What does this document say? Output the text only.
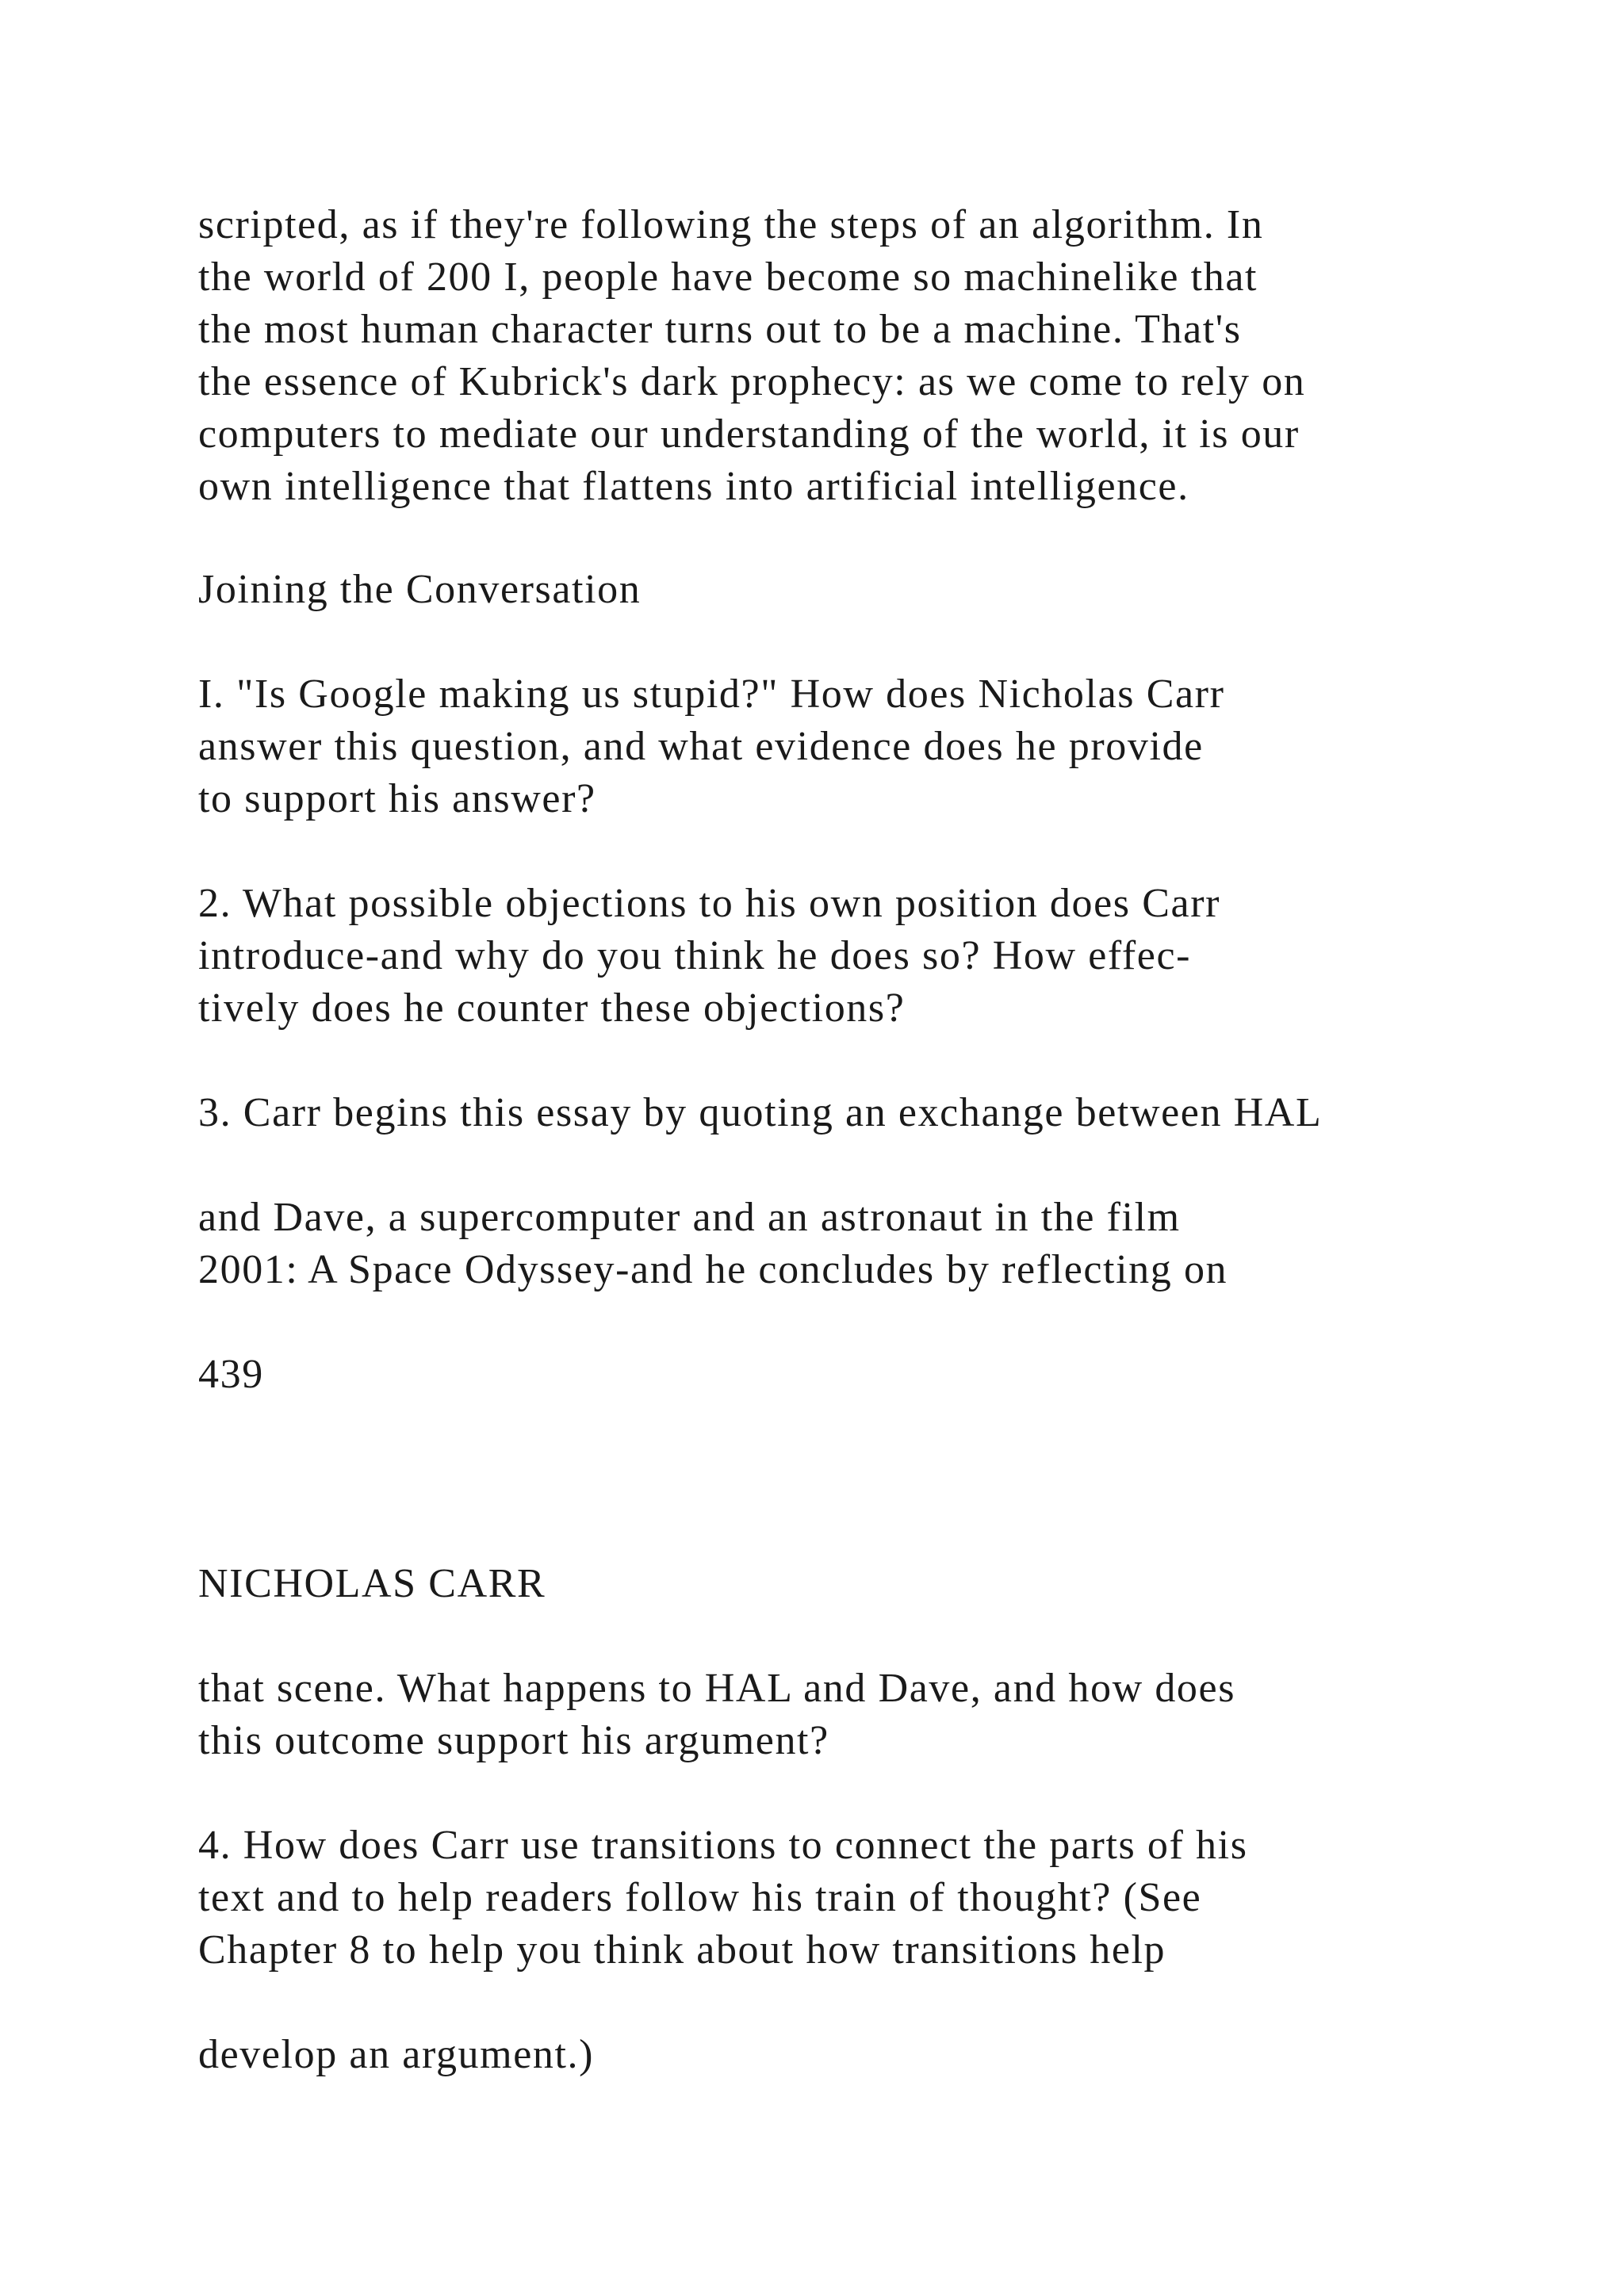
scripted, as if they're following the steps of an algorithm. In

the world of 200 I, people have become so machinelike that

the most human character turns out to be a machine. That's

the essence of Kubrick's dark prophecy: as we come to rely on

computers to mediate our understanding of the world, it is our

own intelligence that flattens into artificial intelligence.

Joining the Conversation

I. "Is Google making us stupid?" How does Nicholas Carr

answer this question, and what evidence does he provide

to support his answer?

2. What possible objections to his own position does Carr

introduce-and why do you think he does so? How effec-

tively does he counter these objections?

3. Carr begins this essay by quoting an exchange between HAL

and Dave, a supercomputer and an astronaut in the film

2001: A Space Odyssey-and he concludes by reflecting on

439

NICHOLAS CARR

that scene. What happens to HAL and Dave, and how does

this outcome support his argument?

4. How does Carr use transitions to connect the parts of his

text and to help readers follow his train of thought? (See

Chapter 8 to help you think about how transitions help

develop an argument.)
